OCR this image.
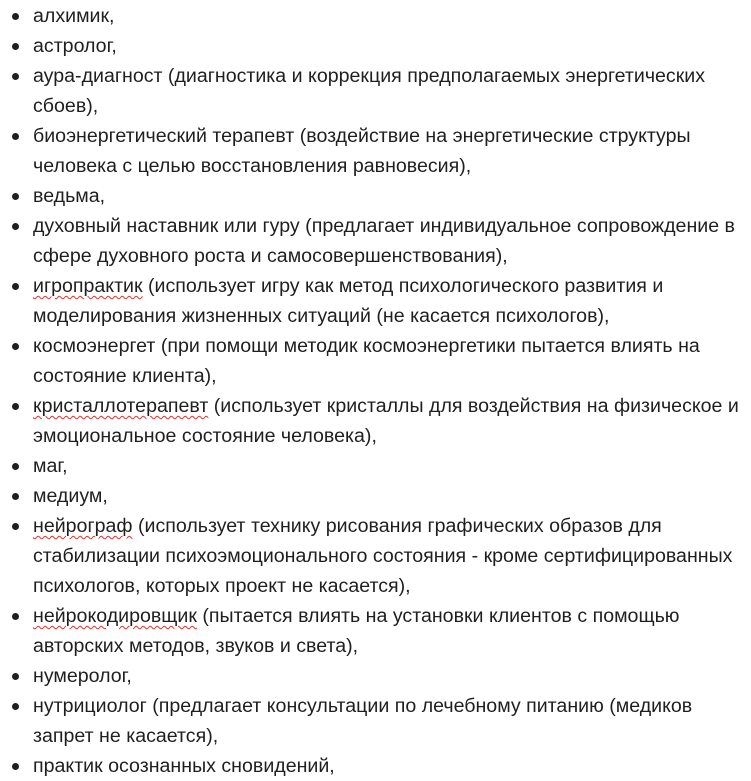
алхимик,
астролог,
аура-диагност (диагностика и коррекция предполагаемых энергетических сбоев),
биоэнергетический терапевт (воздействие на энергетические структуры человека с целью восстановления равновесия),
ведьма,
духовный наставник или гуру (предлагает индивидуальное сопровождение в сфере духовного роста и самосовершенствования),
игропрактик (использует игру как метод психологического развития и моделирования жизненных ситуаций (не касается психологов),
космоэнергет (при помощи методик космоэнергетики пытается влиять на состояние клиента),
кристаллотерапевт (использует кристаллы для воздействия на физическое и эмоциональное состояние человека),
маг,
медиум,
нейрограф (использует технику рисования графических образов для стабилизации психоэмоционального состояния - кроме сертифицированных психологов, которых проект не касается),
нейрокодировщик (пытается влиять на установки клиентов с помощью авторских методов, звуков и света),
нумеролог,
нутрициолог (предлагает консультации по лечебному питанию (медиков запрет не касается),
практик осознанных сновидений,
